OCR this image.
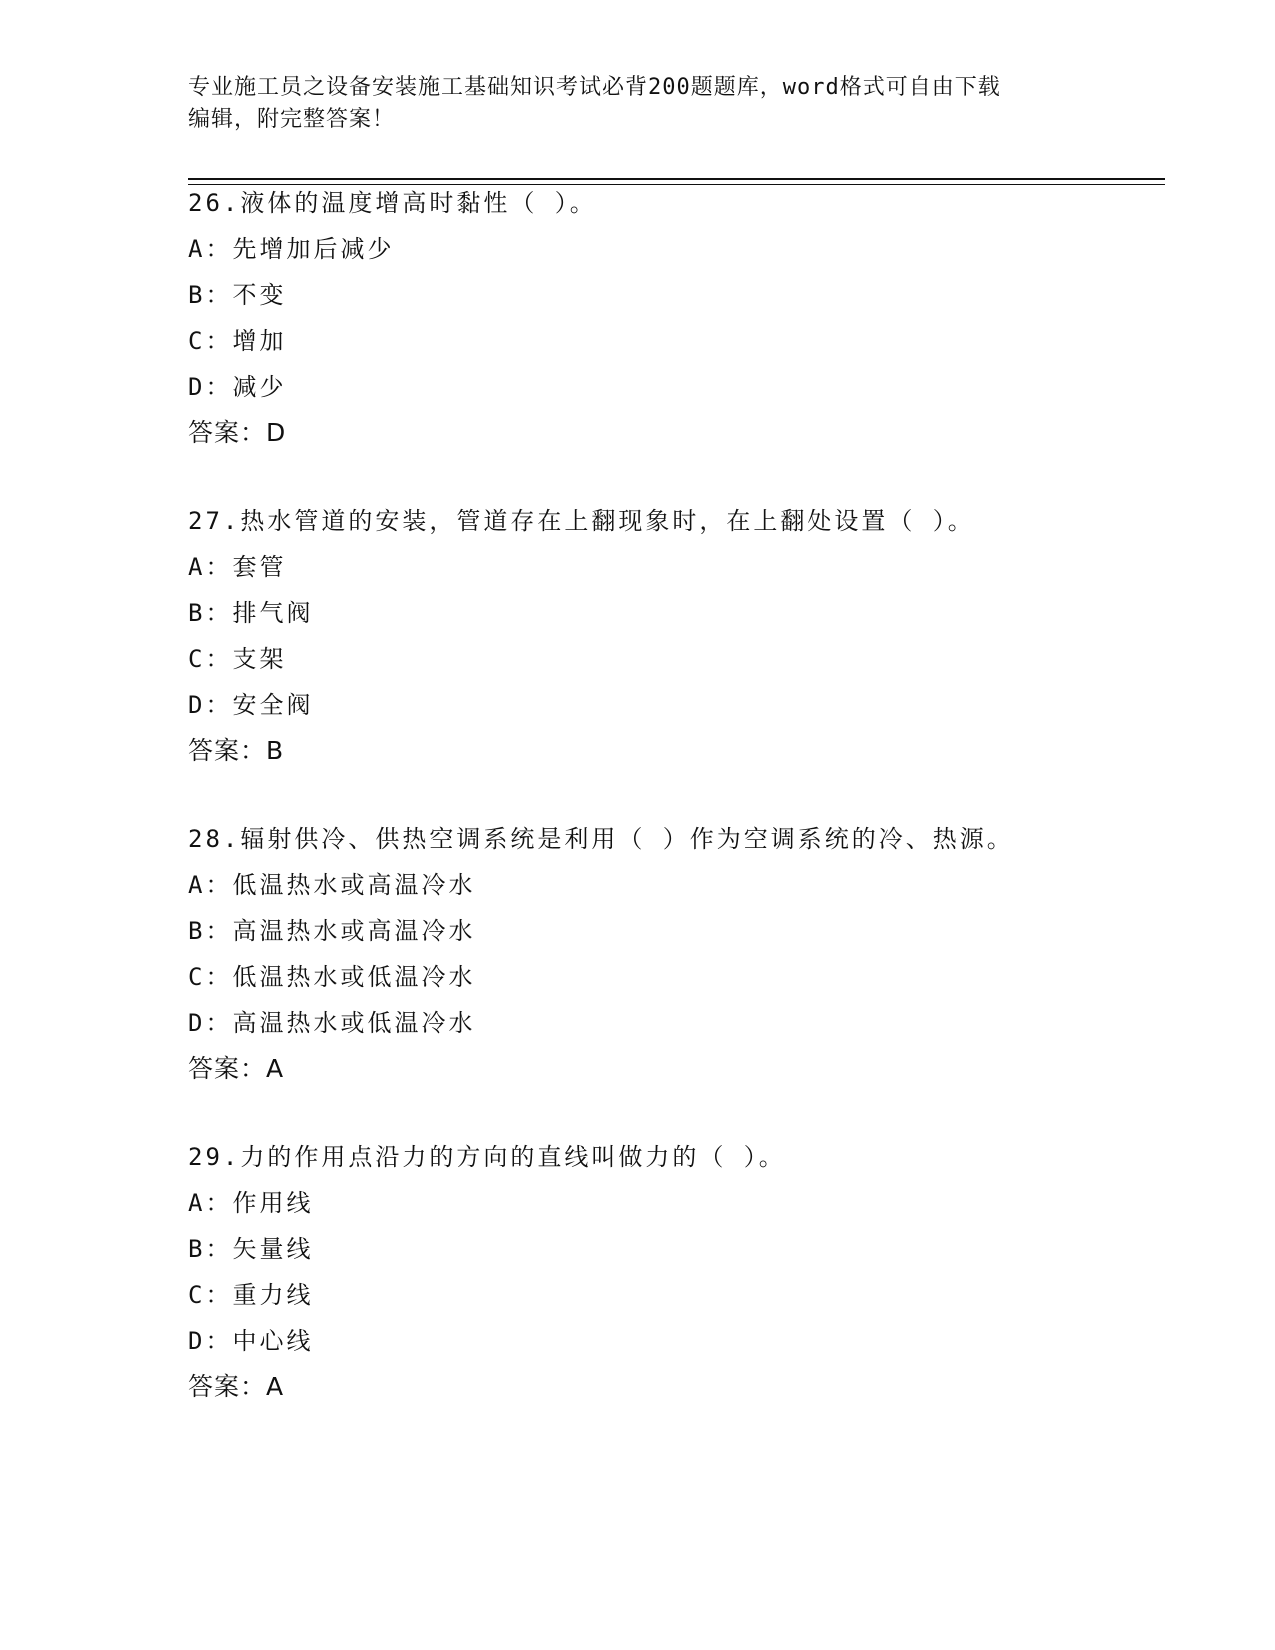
专业施工员之设备安装施工基础知识考试必背200题题库，word格式可自由下载
编辑，附完整答案！
26.液体的温度增高时黏性（ ）。
A：先增加后减少
B：不变
C：增加
D：减少
答案：D
27.热水管道的安装，管道存在上翻现象时，在上翻处设置（ ）。
A：套管
B：排气阀
C：支架
D：安全阀
答案：B
28.辐射供冷、供热空调系统是利用（ ）作为空调系统的冷、热源。
A：低温热水或高温冷水
B：高温热水或高温冷水
C：低温热水或低温冷水
D：高温热水或低温冷水
答案：A
29.力的作用点沿力的方向的直线叫做力的（ ）。
A：作用线
B：矢量线
C：重力线
D：中心线
答案：A
